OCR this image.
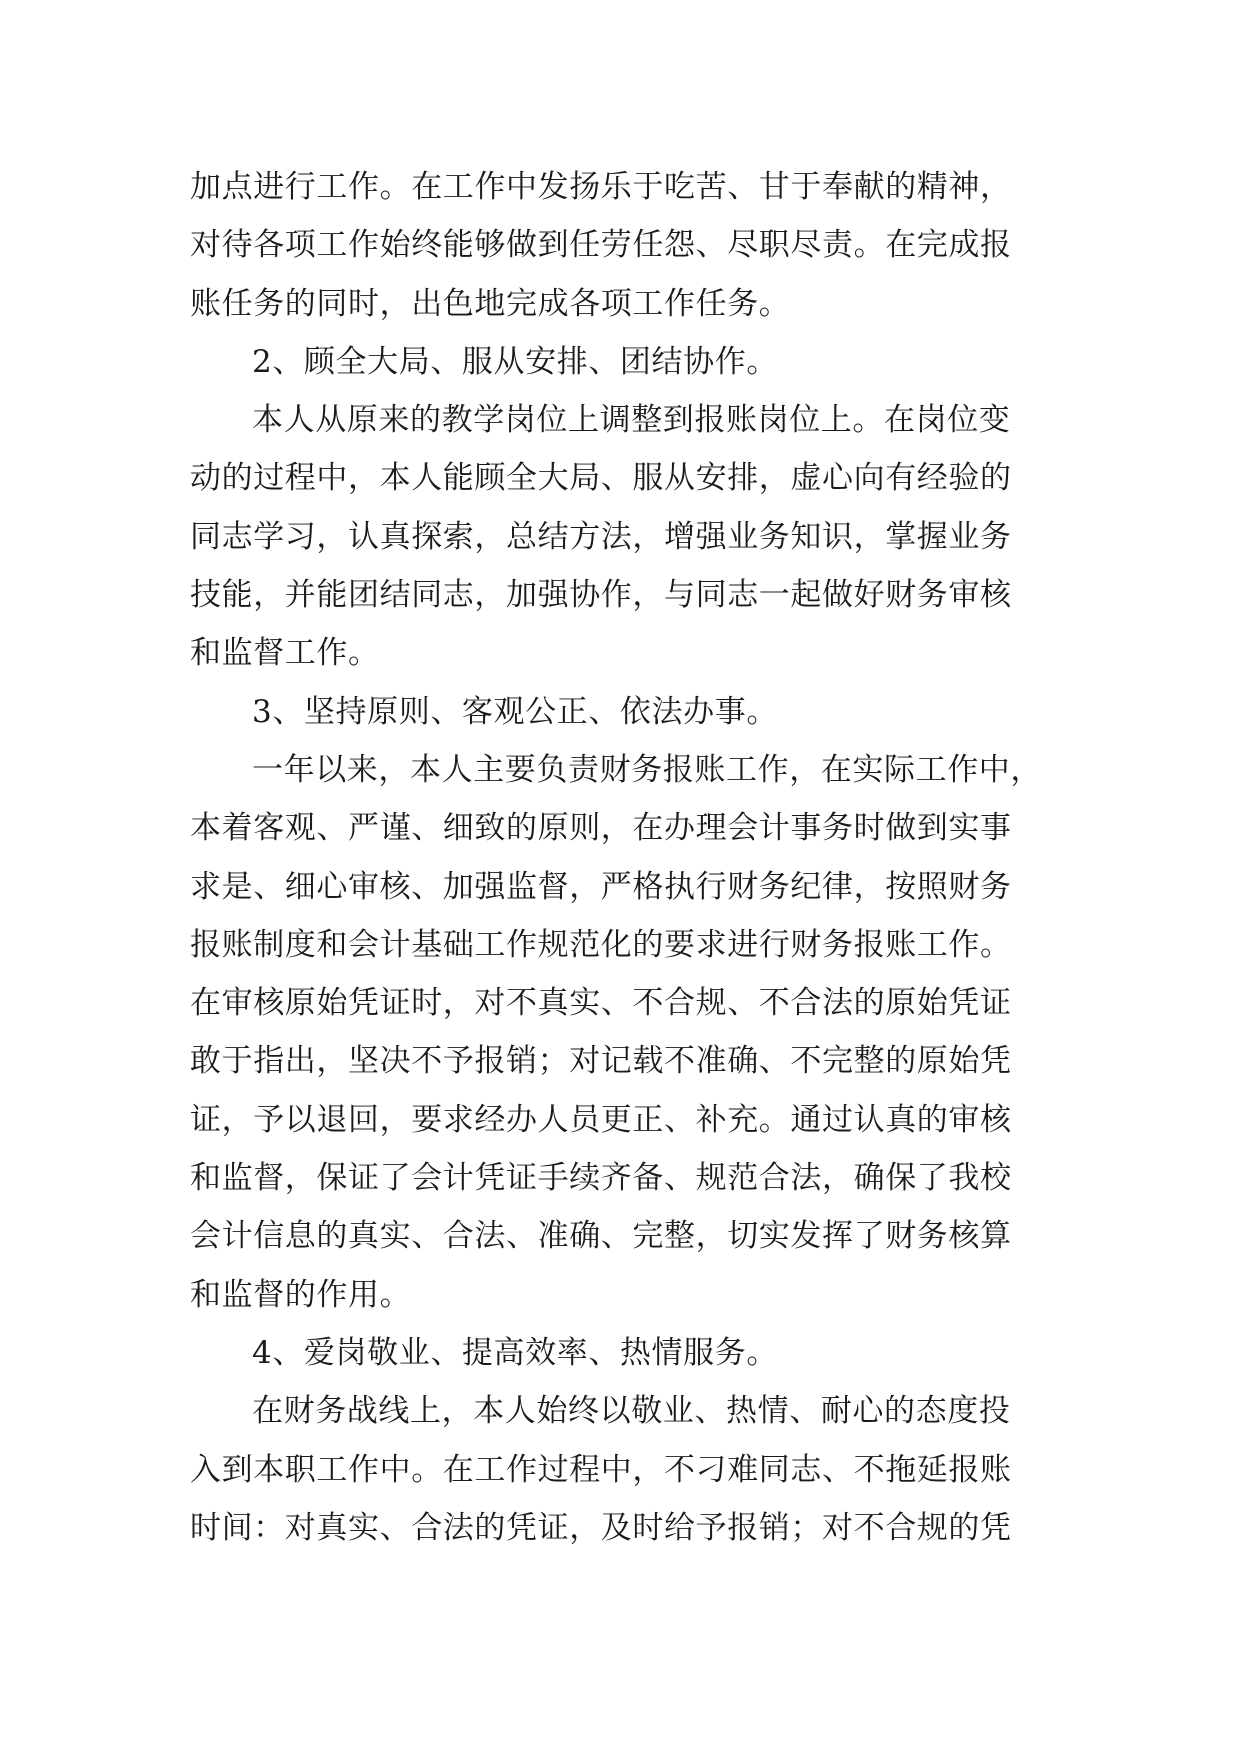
加点进行工作。在工作中发扬乐于吃苦、甘于奉献的精神，
对待各项工作始终能够做到任劳任怨、尽职尽责。在完成报
账任务的同时，出色地完成各项工作任务。
2、顾全大局、服从安排、团结协作。
本人从原来的教学岗位上调整到报账岗位上。在岗位变
动的过程中，本人能顾全大局、服从安排，虚心向有经验的
同志学习，认真探索，总结方法，增强业务知识，掌握业务
技能，并能团结同志，加强协作，与同志一起做好财务审核
和监督工作。
3、坚持原则、客观公正、依法办事。
一年以来，本人主要负责财务报账工作，在实际工作中，
本着客观、严谨、细致的原则，在办理会计事务时做到实事
求是、细心审核、加强监督，严格执行财务纪律，按照财务
报账制度和会计基础工作规范化的要求进行财务报账工作。
在审核原始凭证时，对不真实、不合规、不合法的原始凭证
敢于指出，坚决不予报销；对记载不准确、不完整的原始凭
证，予以退回，要求经办人员更正、补充。通过认真的审核
和监督，保证了会计凭证手续齐备、规范合法，确保了我校
会计信息的真实、合法、准确、完整，切实发挥了财务核算
和监督的作用。
4、爱岗敬业、提高效率、热情服务。
在财务战线上，本人始终以敬业、热情、耐心的态度投
入到本职工作中。在工作过程中，不刁难同志、不拖延报账
时间：对真实、合法的凭证，及时给予报销；对不合规的凭
